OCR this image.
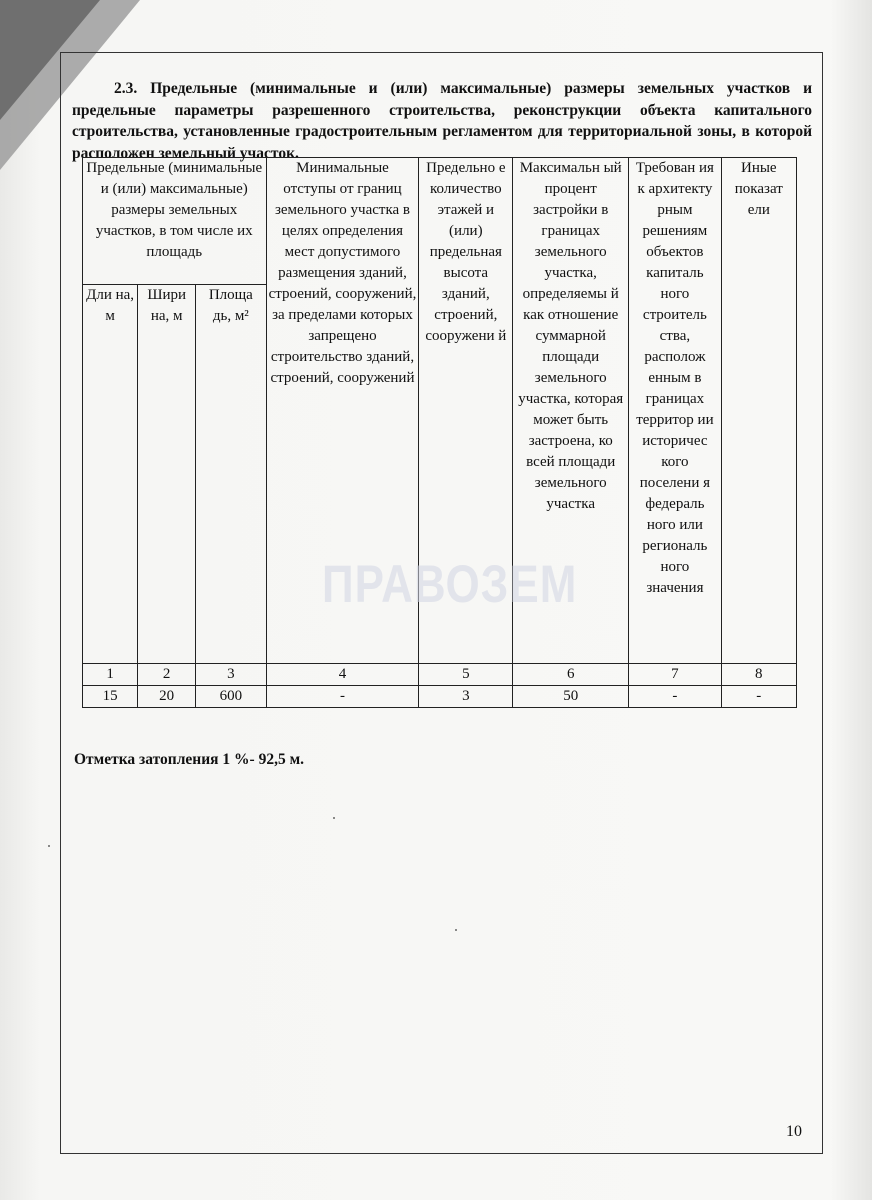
2.3. Предельные (минимальные и (или) максимальные) размеры земельных участков и предельные параметры разрешенного строительства, реконструкции объекта капитального строительства, установленные градостроительным регламентом для территориальной зоны, в которой расположен земельный участок.
Предельные (минимальные и (или) максимальные) размеры земельных участков, в том числе их площадь			Минимальные отступы от границ земельного участка в целях определения мест допустимого размещения зданий, строений, сооружений, за пределами которых запрещено строительство зданий, строений, сооружений	Предельно е количество этажей и (или) предельная высота зданий, строений, сооружени й	Максимальн ый процент застройки в границах земельного участка, определяемы й как отношение суммарной площади земельного участка, которая может быть застроена, ко всей площади земельного участка	Требован ия к архитекту рным решениям объектов капиталь ного строитель ства, располож енным в границах территор ии историчес кого поселени я федераль ного или региональ ного значения	Иные показат ели
Дли на, м	Шири на, м	Площа дь, м²					
1	2	3	4	5	6	7	8
15	20	600	-	3	50	-	-
ПРАВОЗЕМ
Отметка затопления 1 %- 92,5 м.
10
